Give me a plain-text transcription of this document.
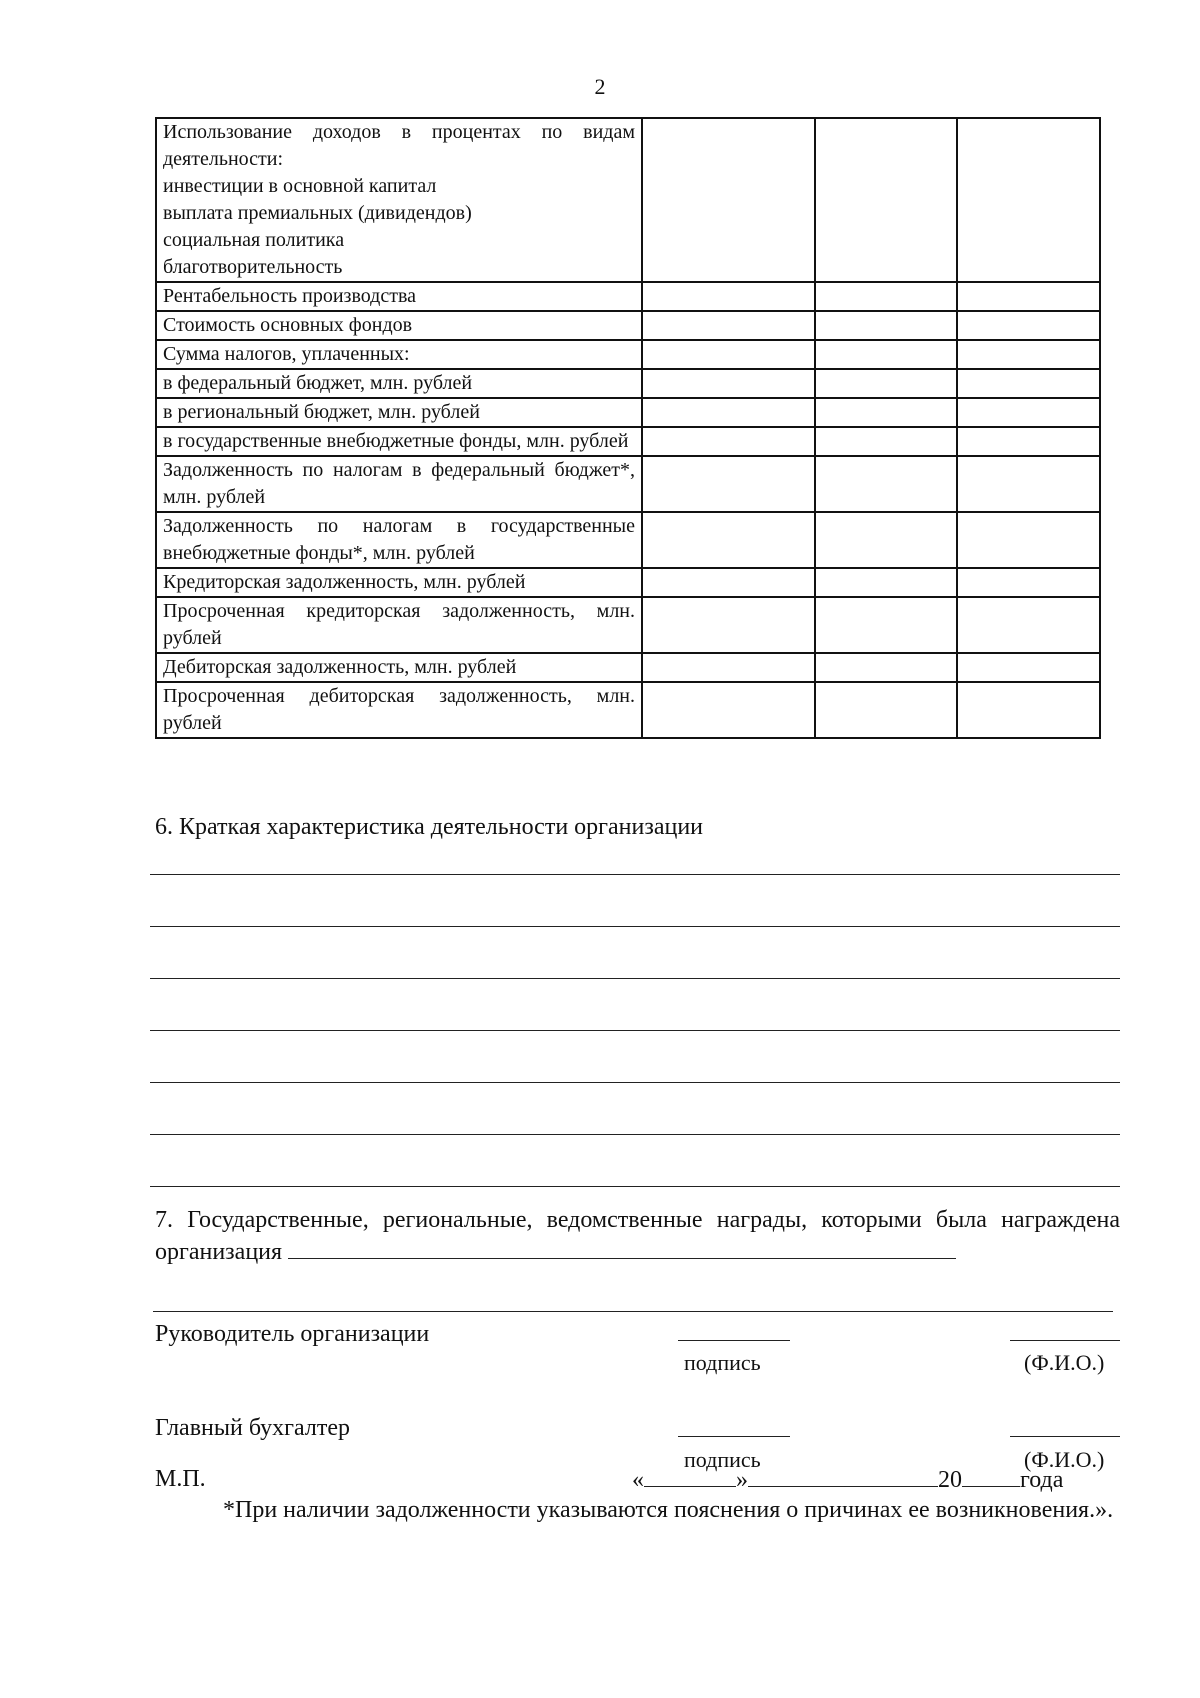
2
Использование доходов в процентах по видам деятельности:
инвестиции в основной капитал
выплата премиальных (дивидендов)
социальная политика
благотворительность			

Рентабельность производства			

Стоимость основных фондов			

Сумма налогов, уплаченных:			

в федеральный бюджет, млн. рублей			

в региональный бюджет, млн. рублей			

в государственные внебюджетные фонды, млн. рублей			

Задолженность по налогам в федеральный бюджет*, млн. рублей			

Задолженность по налогам в государственные внебюджетные фонды*, млн. рублей			

Кредиторская задолженность, млн. рублей			

Просроченная кредиторская задолженность, млн. рублей			

Дебиторская задолженность, млн. рублей			

Просроченная дебиторская задолженность, млн. рублей			

6. Краткая характеристика деятельности организации
7. Государственные, региональные, ведомственные награды, которыми была награждена организация
Руководитель организации
подпись	(Ф.И.О.)
Главный бухгалтер
подпись	(Ф.И.О.)
М.П.	«	»	20 года
*При наличии задолженности указываются пояснения о причинах ее возникновения.».
